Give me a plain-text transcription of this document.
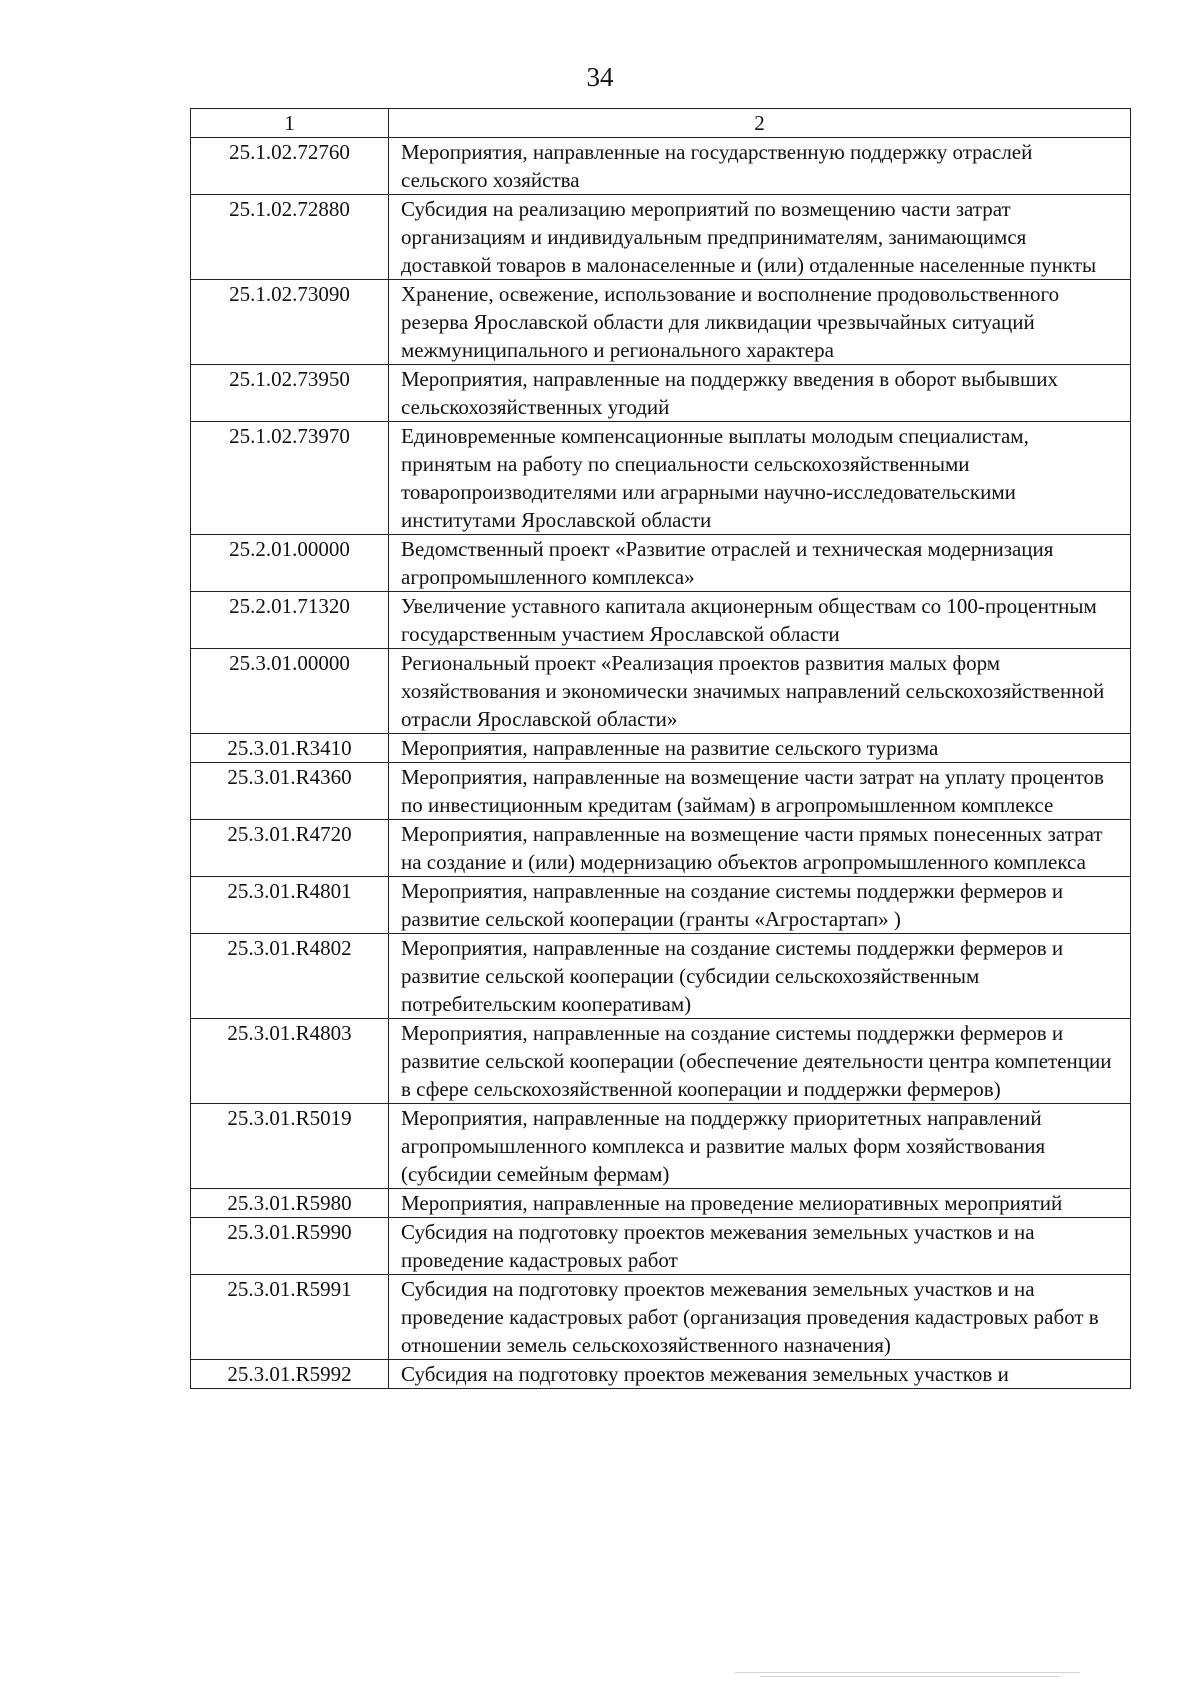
34
1	2
25.1.02.72760	Мероприятия, направленные на государственную поддержку отраслей сельского хозяйства
25.1.02.72880	Субсидия на реализацию мероприятий по возмещению части затрат организациям и индивидуальным предпринимателям, занимающимся доставкой товаров в малонаселенные и (или) отдаленные населенные пункты
25.1.02.73090	Хранение, освежение, использование и восполнение продовольственного резерва Ярославской области для ликвидации чрезвычайных ситуаций межмуниципального и регионального характера
25.1.02.73950	Мероприятия, направленные на поддержку введения в оборот выбывших сельскохозяйственных угодий
25.1.02.73970	Единовременные компенсационные выплаты молодым специалистам, принятым на работу по специальности сельскохозяйственными товаропроизводителями или аграрными научно-исследовательскими институтами Ярославской области
25.2.01.00000	Ведомственный проект «Развитие отраслей и техническая модернизация агропромышленного комплекса»
25.2.01.71320	Увеличение уставного капитала акционерным обществам со 100-процентным государственным участием Ярославской области
25.3.01.00000	Региональный проект «Реализация проектов развития малых форм хозяйствования и экономически значимых направлений сельскохозяйственной отрасли Ярославской области»
25.3.01.R3410	Мероприятия, направленные на развитие сельского туризма
25.3.01.R4360	Мероприятия, направленные на возмещение части затрат на уплату процентов по инвестиционным кредитам (займам) в агропромышленном комплексе
25.3.01.R4720	Мероприятия, направленные на возмещение части прямых понесенных затрат на создание и (или) модернизацию объектов агропромышленного комплекса
25.3.01.R4801	Мероприятия, направленные на создание системы поддержки фермеров и развитие сельской кооперации (гранты «Агростартап» )
25.3.01.R4802	Мероприятия, направленные на создание системы поддержки фермеров и развитие сельской кооперации (субсидии сельскохозяйственным потребительским кооперативам)
25.3.01.R4803	Мероприятия, направленные на создание системы поддержки фермеров и развитие сельской кооперации (обеспечение деятельности центра компетенции в сфере сельскохозяйственной кооперации и поддержки фермеров)
25.3.01.R5019	Мероприятия, направленные на поддержку приоритетных направлений агропромышленного комплекса и развитие малых форм хозяйствования (субсидии семейным фермам)
25.3.01.R5980	Мероприятия, направленные на проведение мелиоративных мероприятий
25.3.01.R5990	Субсидия на подготовку проектов межевания земельных участков и на проведение кадастровых работ
25.3.01.R5991	Субсидия на подготовку проектов межевания земельных участков и на проведение кадастровых работ (организация проведения кадастровых работ в отношении земель сельскохозяйственного назначения)
25.3.01.R5992	Субсидия на подготовку проектов межевания земельных участков и
